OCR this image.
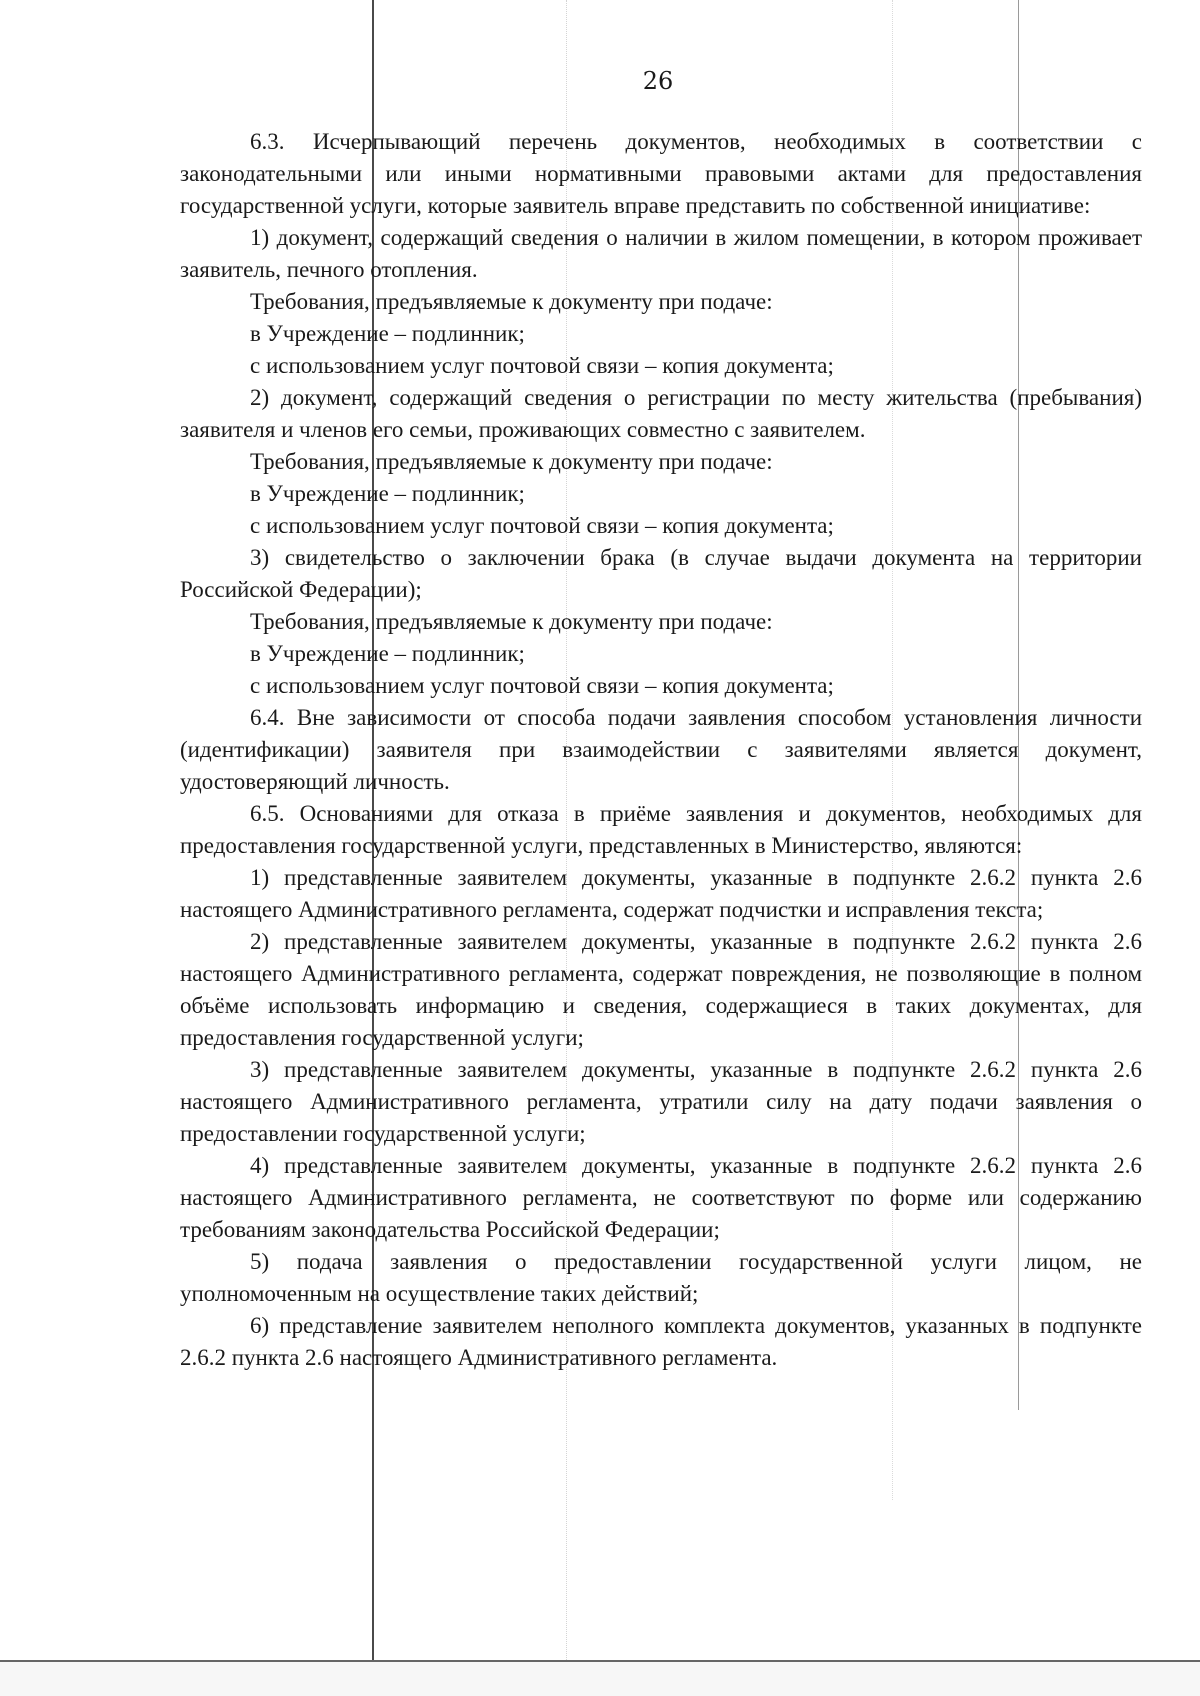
26

6.3. Исчерпывающий перечень документов, необходимых в соответствии с законодательными или иными нормативными правовыми актами для предоставления государственной услуги, которые заявитель вправе представить по собственной инициативе:

1) документ, содержащий сведения о наличии в жилом помещении, в котором проживает заявитель, печного отопления.

Требования, предъявляемые к документу при подаче:

в Учреждение – подлинник;

с использованием услуг почтовой связи – копия документа;

2) документ, содержащий сведения о регистрации по месту жительства (пребывания) заявителя и членов его семьи, проживающих совместно с заявителем.

Требования, предъявляемые к документу при подаче:

в Учреждение – подлинник;

с использованием услуг почтовой связи – копия документа;

3) свидетельство о заключении брака (в случае выдачи документа на территории Российской Федерации);

Требования, предъявляемые к документу при подаче:

в Учреждение – подлинник;

с использованием услуг почтовой связи – копия документа;

6.4. Вне зависимости от способа подачи заявления способом установления личности (идентификации) заявителя при взаимодействии с заявителями является документ, удостоверяющий личность.

6.5. Основаниями для отказа в приёме заявления и документов, необходимых для предоставления государственной услуги, представленных в Министерство, являются:

1) представленные заявителем документы, указанные в подпункте 2.6.2 пункта 2.6 настоящего Административного регламента, содержат подчистки и исправления текста;

2) представленные заявителем документы, указанные в подпункте 2.6.2 пункта 2.6 настоящего Административного регламента, содержат повреждения, не позволяющие в полном объёме использовать информацию и сведения, содержащиеся в таких документах, для предоставления государственной услуги;

3) представленные заявителем документы, указанные в подпункте 2.6.2 пункта 2.6 настоящего Административного регламента, утратили силу на дату подачи заявления о предоставлении государственной услуги;

4) представленные заявителем документы, указанные в подпункте 2.6.2 пункта 2.6 настоящего Административного регламента, не соответствуют по форме или содержанию требованиям законодательства Российской Федерации;

5) подача заявления о предоставлении государственной услуги лицом, не уполномоченным на осуществление таких действий;

6) представление заявителем неполного комплекта документов, указанных в подпункте 2.6.2 пункта 2.6 настоящего Административного регламента.
